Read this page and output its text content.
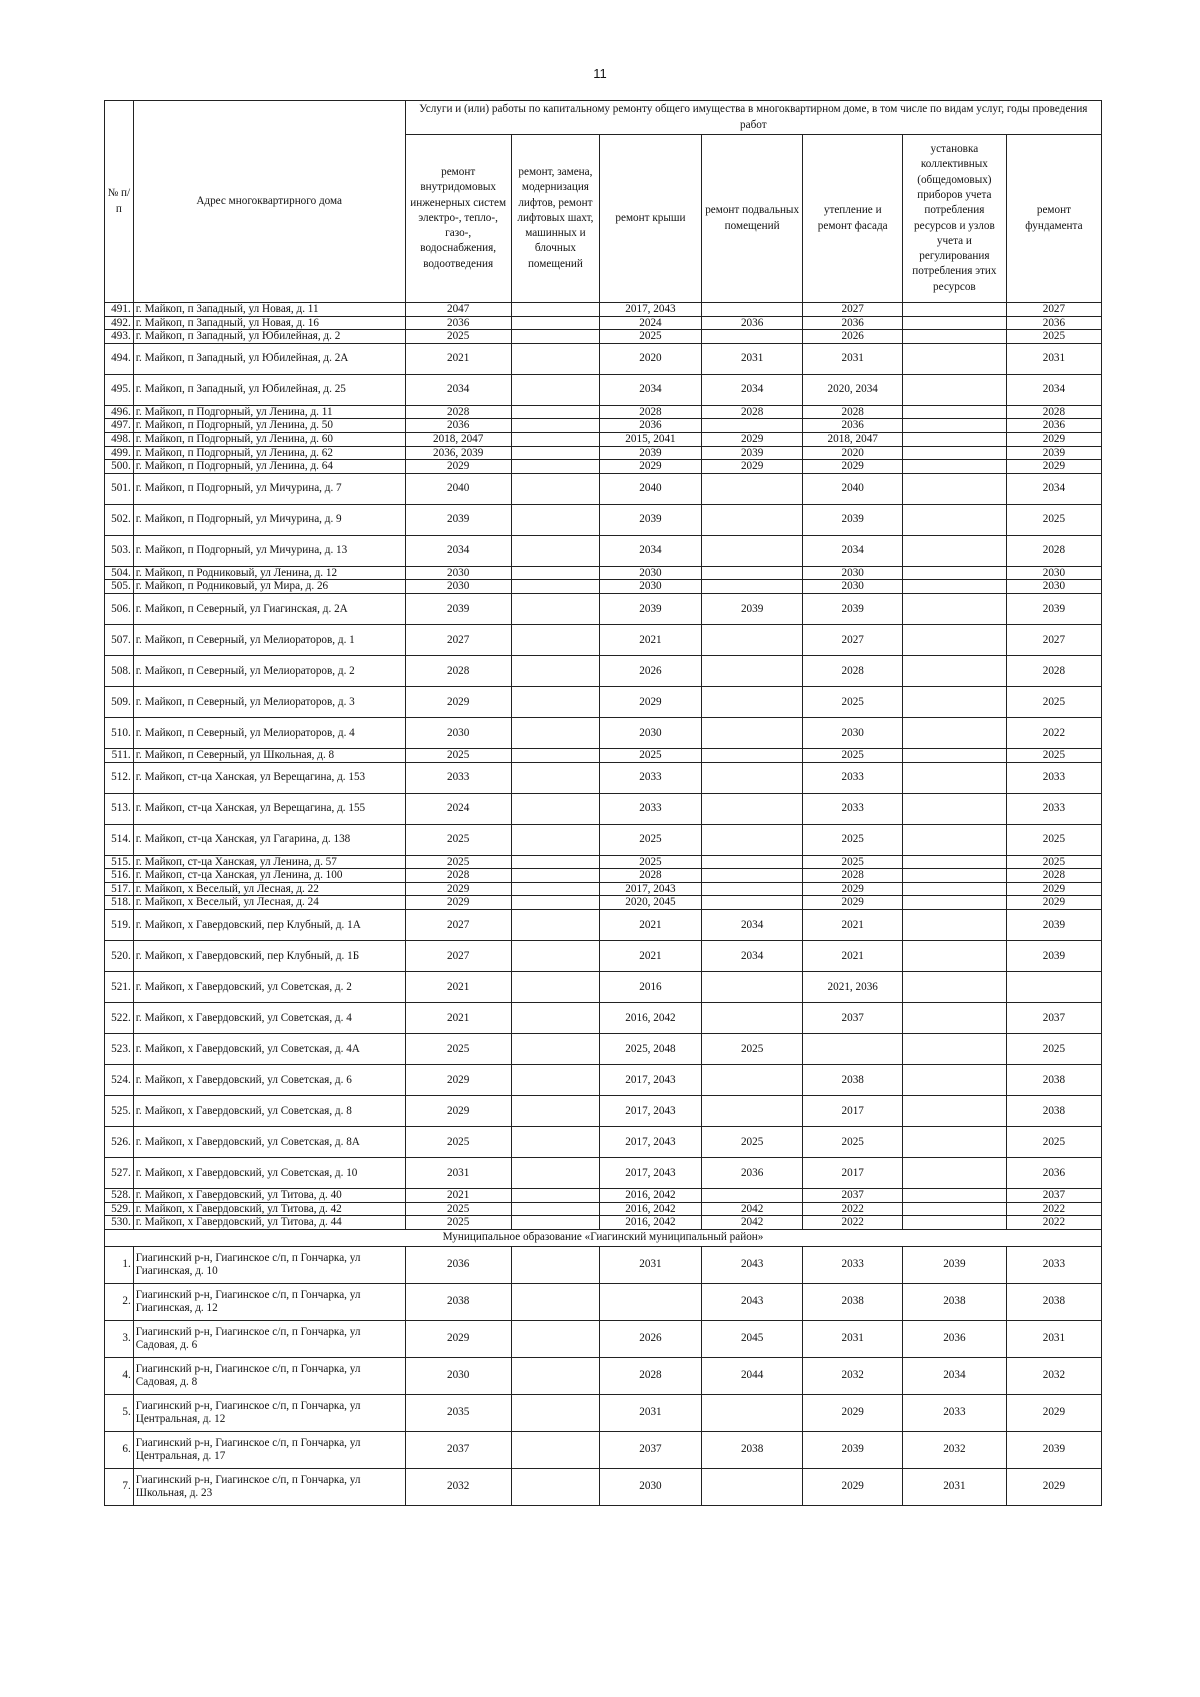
11
№ п/п	Адрес многоквартирного дома	Услуги и (или) работы по капитальному ремонту общего имущества в многоквартирном доме, в том числе по видам услуг, годы проведения работ						
		ремонт внутридомовых инженерных систем электро-, тепло-, газо-, водоснабжения, водоотведения	ремонт, замена, модернизация лифтов, ремонт лифтовых шахт, машинных и блочных помещений	ремонт крыши	ремонт подвальных помещений	утепление и ремонт фасада	установка коллективных (общедомовых) приборов учета потребления ресурсов и узлов учета и регулирования потребления этих ресурсов	ремонт фундамента
491.	г. Майкоп, п Западный, ул Новая, д. 11	2047		2017, 2043		2027		2027
492.	г. Майкоп, п Западный, ул Новая, д. 16	2036		2024	2036	2036		2036
493.	г. Майкоп, п Западный, ул Юбилейная, д. 2	2025		2025		2026		2025
494.	г. Майкоп, п Западный, ул Юбилейная, д. 2А	2021		2020	2031	2031		2031
495.	г. Майкоп, п Западный, ул Юбилейная, д. 25	2034		2034	2034	2020, 2034		2034
496.	г. Майкоп, п Подгорный, ул Ленина, д. 11	2028		2028	2028	2028		2028
497.	г. Майкоп, п Подгорный, ул Ленина, д. 50	2036		2036		2036		2036
498.	г. Майкоп, п Подгорный, ул Ленина, д. 60	2018, 2047		2015, 2041	2029	2018, 2047		2029
499.	г. Майкоп, п Подгорный, ул Ленина, д. 62	2036, 2039		2039	2039	2020		2039
500.	г. Майкоп, п Подгорный, ул Ленина, д. 64	2029		2029	2029	2029		2029
501.	г. Майкоп, п Подгорный, ул Мичурина, д. 7	2040		2040		2040		2034
502.	г. Майкоп, п Подгорный, ул Мичурина, д. 9	2039		2039		2039		2025
503.	г. Майкоп, п Подгорный, ул Мичурина, д. 13	2034		2034		2034		2028
504.	г. Майкоп, п Родниковый, ул Ленина, д. 12	2030		2030		2030		2030
505.	г. Майкоп, п Родниковый, ул Мира, д. 26	2030		2030		2030		2030
506.	г. Майкоп, п Северный, ул Гиагинская, д. 2А	2039		2039	2039	2039		2039
507.	г. Майкоп, п Северный, ул Мелиораторов, д. 1	2027		2021		2027		2027
508.	г. Майкоп, п Северный, ул Мелиораторов, д. 2	2028		2026		2028		2028
509.	г. Майкоп, п Северный, ул Мелиораторов, д. 3	2029		2029		2025		2025
510.	г. Майкоп, п Северный, ул Мелиораторов, д. 4	2030		2030		2030		2022
511.	г. Майкоп, п Северный, ул Школьная, д. 8	2025		2025		2025		2025
512.	г. Майкоп, ст-ца Ханская, ул Верещагина, д. 153	2033		2033		2033		2033
513.	г. Майкоп, ст-ца Ханская, ул Верещагина, д. 155	2024		2033		2033		2033
514.	г. Майкоп, ст-ца Ханская, ул Гагарина, д. 138	2025		2025		2025		2025
515.	г. Майкоп, ст-ца Ханская, ул Ленина, д. 57	2025		2025		2025		2025
516.	г. Майкоп, ст-ца Ханская, ул Ленина, д. 100	2028		2028		2028		2028
517.	г. Майкоп, х Веселый, ул Лесная, д. 22	2029		2017, 2043		2029		2029
518.	г. Майкоп, х Веселый, ул Лесная, д. 24	2029		2020, 2045		2029		2029
519.	г. Майкоп, х Гавердовский, пер Клубный, д. 1А	2027		2021	2034	2021		2039
520.	г. Майкоп, х Гавердовский, пер Клубный, д. 1Б	2027		2021	2034	2021		2039
521.	г. Майкоп, х Гавердовский, ул Советская, д. 2	2021		2016		2021, 2036		
522.	г. Майкоп, х Гавердовский, ул Советская, д. 4	2021		2016, 2042		2037		2037
523.	г. Майкоп, х Гавердовский, ул Советская, д. 4А	2025		2025, 2048	2025			2025
524.	г. Майкоп, х Гавердовский, ул Советская, д. 6	2029		2017, 2043		2038		2038
525.	г. Майкоп, х Гавердовский, ул Советская, д. 8	2029		2017, 2043		2017		2038
526.	г. Майкоп, х Гавердовский, ул Советская, д. 8А	2025		2017, 2043	2025	2025		2025
527.	г. Майкоп, х Гавердовский, ул Советская, д. 10	2031		2017, 2043	2036	2017		2036
528.	г. Майкоп, х Гавердовский, ул Титова, д. 40	2021		2016, 2042		2037		2037
529.	г. Майкоп, х Гавердовский, ул Титова, д. 42	2025		2016, 2042	2042	2022		2022
530.	г. Майкоп, х Гавердовский, ул Титова, д. 44	2025		2016, 2042	2042	2022		2022
Муниципальное образование «Гиагинский муниципальный район»								
1.	Гиагинский р-н, Гиагинское с/п, п Гончарка, ул Гиагинская, д. 10	2036		2031	2043	2033	2039	2033
2.	Гиагинский р-н, Гиагинское с/п, п Гончарка, ул Гиагинская, д. 12	2038			2043	2038	2038	2038
3.	Гиагинский р-н, Гиагинское с/п, п Гончарка, ул Садовая, д. 6	2029		2026	2045	2031	2036	2031
4.	Гиагинский р-н, Гиагинское с/п, п Гончарка, ул Садовая, д. 8	2030		2028	2044	2032	2034	2032
5.	Гиагинский р-н, Гиагинское с/п, п Гончарка, ул Центральная, д. 12	2035		2031		2029	2033	2029
6.	Гиагинский р-н, Гиагинское с/п, п Гончарка, ул Центральная, д. 17	2037		2037	2038	2039	2032	2039
7.	Гиагинский р-н, Гиагинское с/п, п Гончарка, ул Школьная, д. 23	2032		2030		2029	2031	2029
